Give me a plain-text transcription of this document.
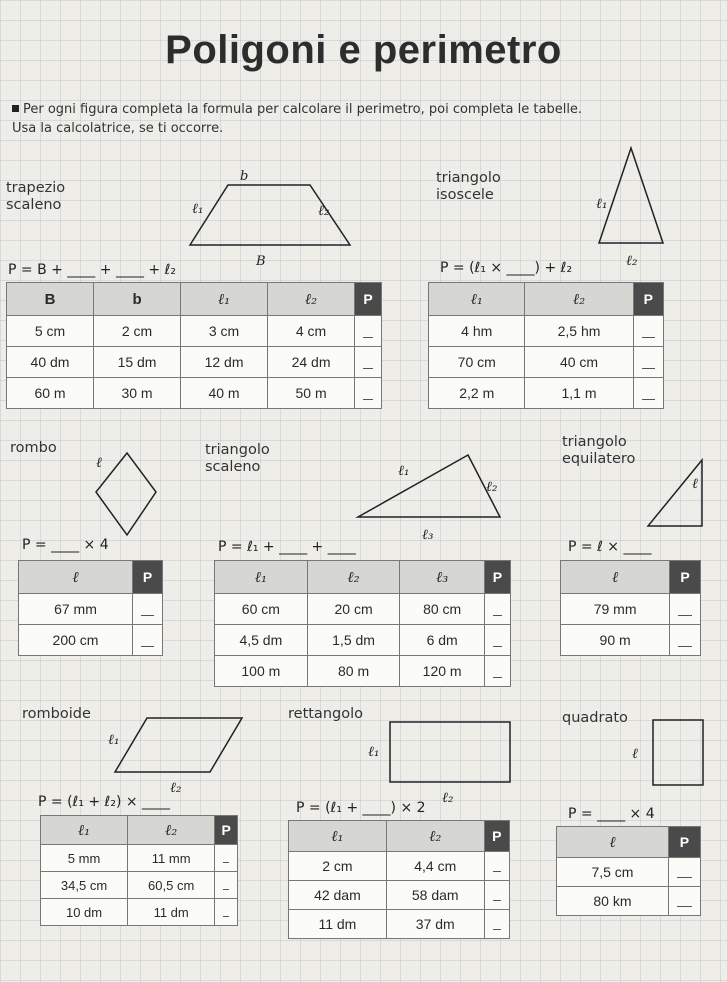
Poligoni e perimetro
Per ogni figura completa la formula per calcolare il perimetro, poi completa le tabelle.
Usa la calcolatrice, se ti occorre.
trapezio
scaleno
b
ℓ₁	ℓ₂
B
P = B + ____ + ____ + ℓ₂
B	b	ℓ₁	ℓ₂	P
5 cm	2 cm	3 cm	4 cm	
40 dm	15 dm	12 dm	24 dm	
60 m	30 m	40 m	50 m	
triangolo
isoscele
ℓ₁
ℓ₂
P = (ℓ₁ × ____) + ℓ₂
ℓ₁	ℓ₂	P
4 hm	2,5 hm	
70 cm	40 cm	
2,2 m	1,1 m	
rombo
ℓ
P = ____ × 4
ℓ	P
67 mm	
200 cm	
triangolo
scaleno	ℓ₁
ℓ₂
ℓ₃
P = ℓ₁ + ____ + ____
ℓ₁	ℓ₂	ℓ₃	P
60 cm	20 cm	80 cm	
4,5 dm	1,5 dm	6 dm	
100 m	80 m	120 m	
triangolo
equilatero
ℓ
P = ℓ × ____
ℓ	P
79 mm	
90 m	
romboide
ℓ₁
ℓ₂
P = (ℓ₁ + ℓ₂) × ____
ℓ₁	ℓ₂	P
5 mm	11 mm	
34,5 cm	60,5 cm	
10 dm	11 dm	
rettangolo
ℓ₁
ℓ₂
P = (ℓ₁ + ____) × 2
ℓ₁	ℓ₂	P
2 cm	4,4 cm	
42 dam	58 dam	
11 dm	37 dm	
quadrato
ℓ
P = ____ × 4
ℓ	P
7,5 cm	
80 km	
